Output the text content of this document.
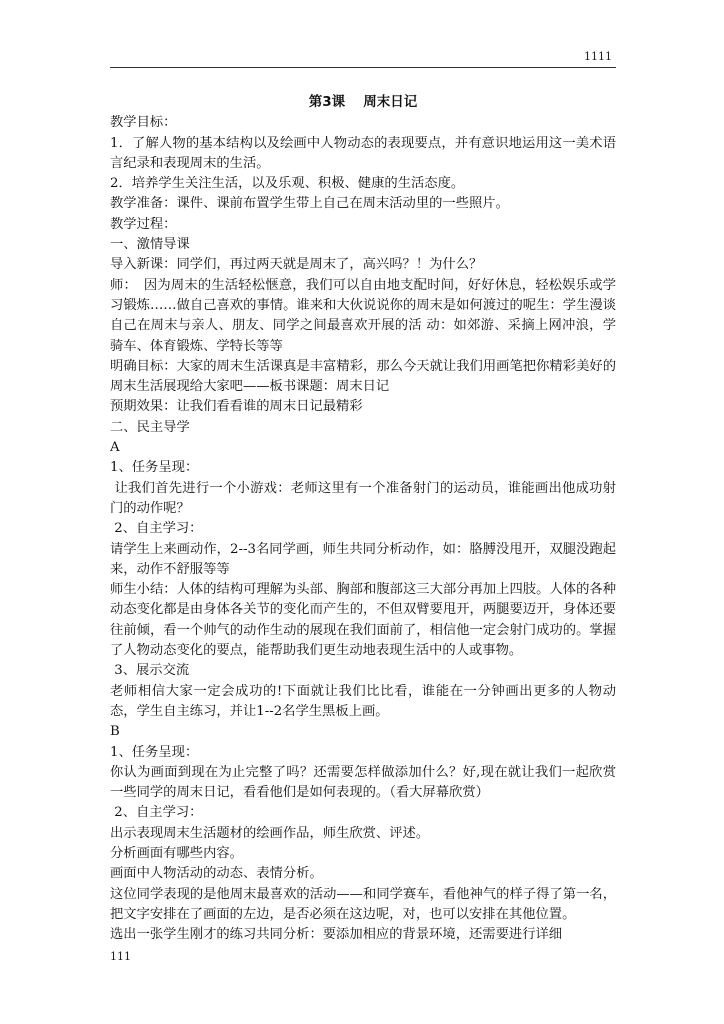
1111
第3课　 周末日记
教学目标：
1．了解人物的基本结构以及绘画中人物动态的表现要点，并有意识地运用这一美术语言纪录和表现周末的生活。
2．培养学生关注生活，以及乐观、积极、健康的生活态度。
教学准备：课件、课前布置学生带上自己在周末活动里的一些照片。
教学过程：
一、激情导课
导入新课：同学们，再过两天就是周末了，高兴吗？！为什么？
师：　因为周末的生活轻松惬意，我们可以自由地支配时间，好好休息，轻松娱乐或学习锻炼……做自己喜欢的事情。谁来和大伙说说你的周末是如何渡过的呢生：学生漫谈自己在周末与亲人、朋友、同学之间最喜欢开展的活 动：如郊游、采摘上网冲浪，学骑车、体育锻炼、学特长等等
明确目标：大家的周末生活课真是丰富精彩，那么今天就让我们用画笔把你精彩美好的周末生活展现给大家吧——板书课题：周末日记
预期效果：让我们看看谁的周末日记最精彩
二、民主导学
A
1、任务呈现：
让我们首先进行一个小游戏：老师这里有一个准备射门的运动员，谁能画出他成功射门的动作呢？
2、自主学习：
请学生上来画动作，2--3名同学画，师生共同分析动作，如：胳膊没甩开，双腿没跑起来，动作不舒服等等
师生小结：人体的结构可理解为头部、胸部和腹部这三大部分再加上四肢。人体的各种动态变化都是由身体各关节的变化而产生的，不但双臂要甩开，两腿要迈开，身体还要往前倾，看一个帅气的动作生动的展现在我们面前了，相信他一定会射门成功的。掌握了人物动态变化的要点，能帮助我们更生动地表现生活中的人或事物。
3、展示交流
老师相信大家一定会成功的!下面就让我们比比看，谁能在一分钟画出更多的人物动态，学生自主练习，并让1--2名学生黑板上画。
B
1、任务呈现：
你认为画面到现在为止完整了吗？还需要怎样做添加什么？好,现在就让我们一起欣赏一些同学的周末日记，看看他们是如何表现的。（看大屏幕欣赏）
2、自主学习：
出示表现周末生活题材的绘画作品，师生欣赏、评述。
分析画面有哪些内容。
画面中人物活动的动态、表情分析。
这位同学表现的是他周末最喜欢的活动——和同学赛车，看他神气的样子得了第一名，把文字安排在了画面的左边，是否必须在这边呢，对，也可以安排在其他位置。
选出一张学生刚才的练习共同分析：要添加相应的背景环境，还需要进行详细
111
